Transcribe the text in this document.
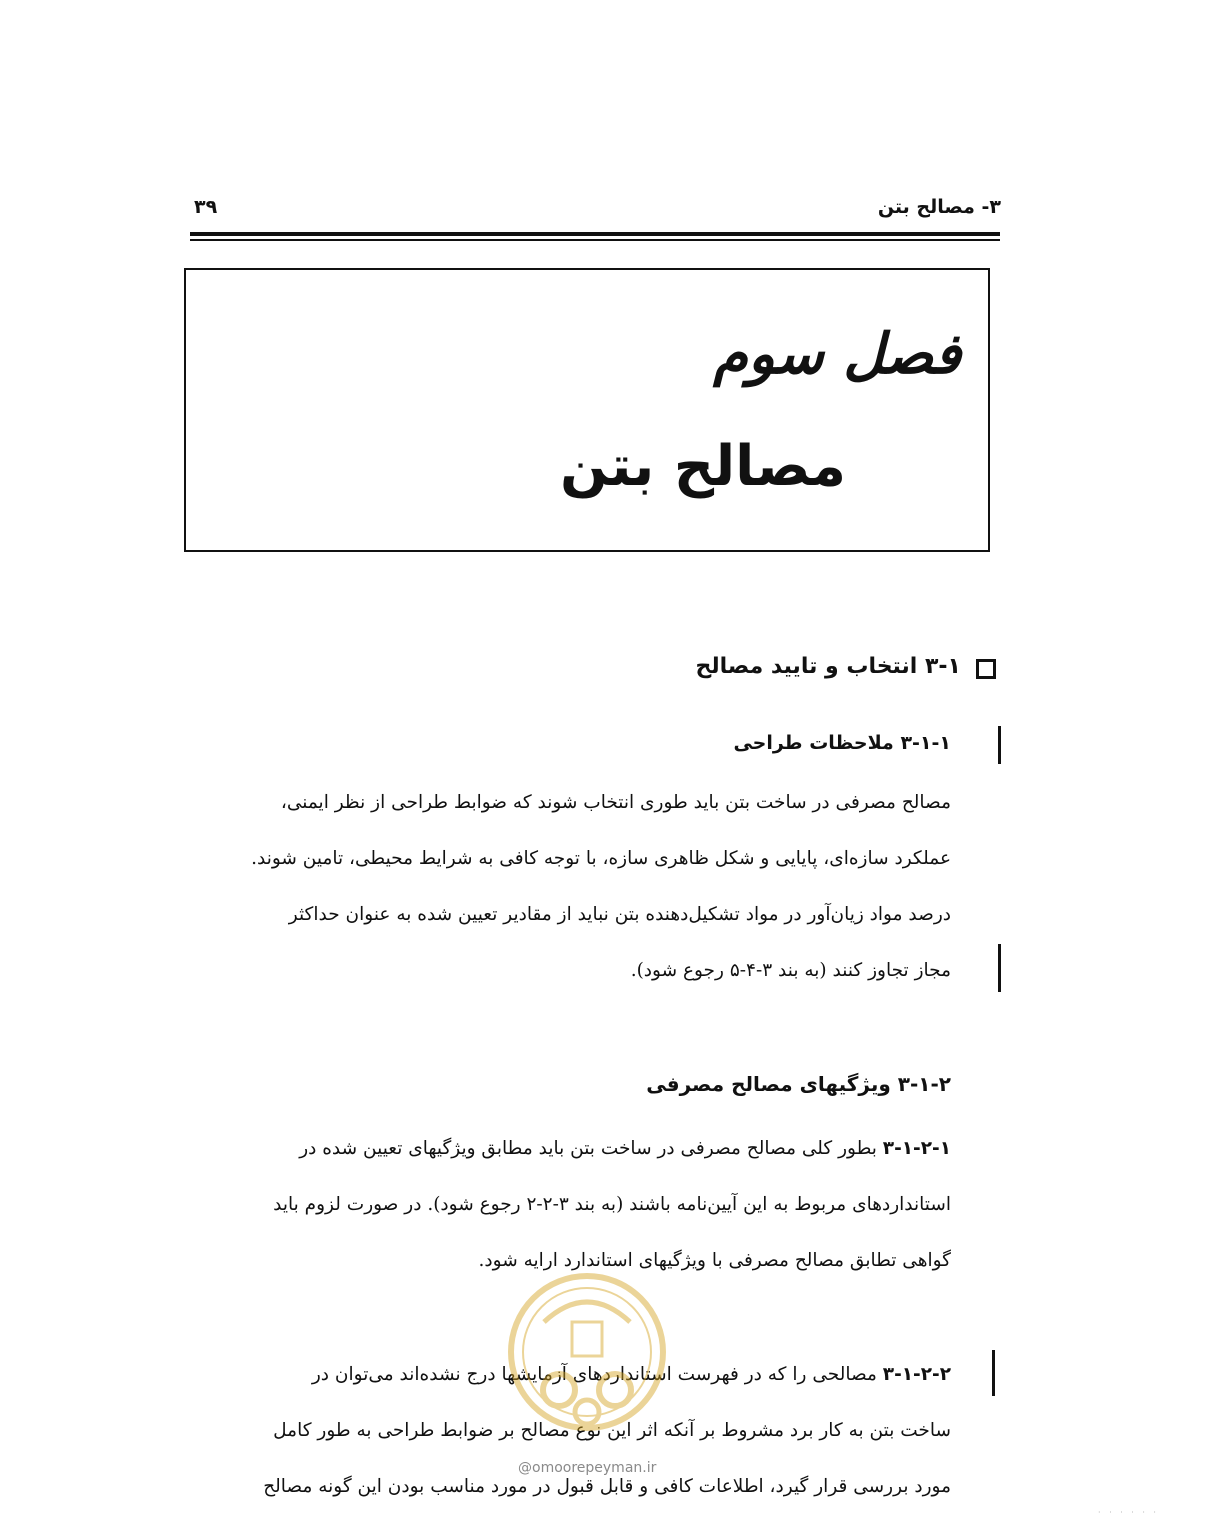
۳- مصالح بتن
۳۹
فصل سوم
مصالح بتن
۳-۱ انتخاب و تایید مصالح
۳-۱-۱ ملاحظات طراحی
مصالح مصرفی در ساخت بتن باید طوری انتخاب شوند که ضوابط طراحی از نظر ایمنی،
عملکرد سازه‌ای، پایایی و شکل ظاهری سازه، با توجه کافی به شرایط محیطی، تامین شوند.
درصد مواد زیان‌آور در مواد تشکیل‌دهنده بتن نباید از مقادیر تعیین شده به عنوان حداکثر
مجاز تجاوز کنند (به بند ۳-۴-۵ رجوع شود).
۳-۱-۲ ویژگیهای مصالح مصرفی
۳-۱-۲-۱ بطور کلی مصالح مصرفی در ساخت بتن باید مطابق ویژگیهای تعیین شده در
استانداردهای مربوط به این آیین‌نامه باشند (به بند ۳-۲-۲ رجوع شود). در صورت لزوم باید
گواهی تطابق مصالح مصرفی با ویژگیهای استاندارد ارایه شود.
۳-۱-۲-۲ مصالحی را که در فهرست استانداردهای آزمایشها درج نشده‌اند می‌توان در
ساخت بتن به کار برد مشروط بر آنکه اثر این نوع مصالح بر ضوابط طراحی به طور کامل
مورد بررسی قرار گیرد، اطلاعات کافی و قابل قبول در مورد مناسب بودن این گونه مصالح
@omoorepeyman.ir
· · · · · ·
